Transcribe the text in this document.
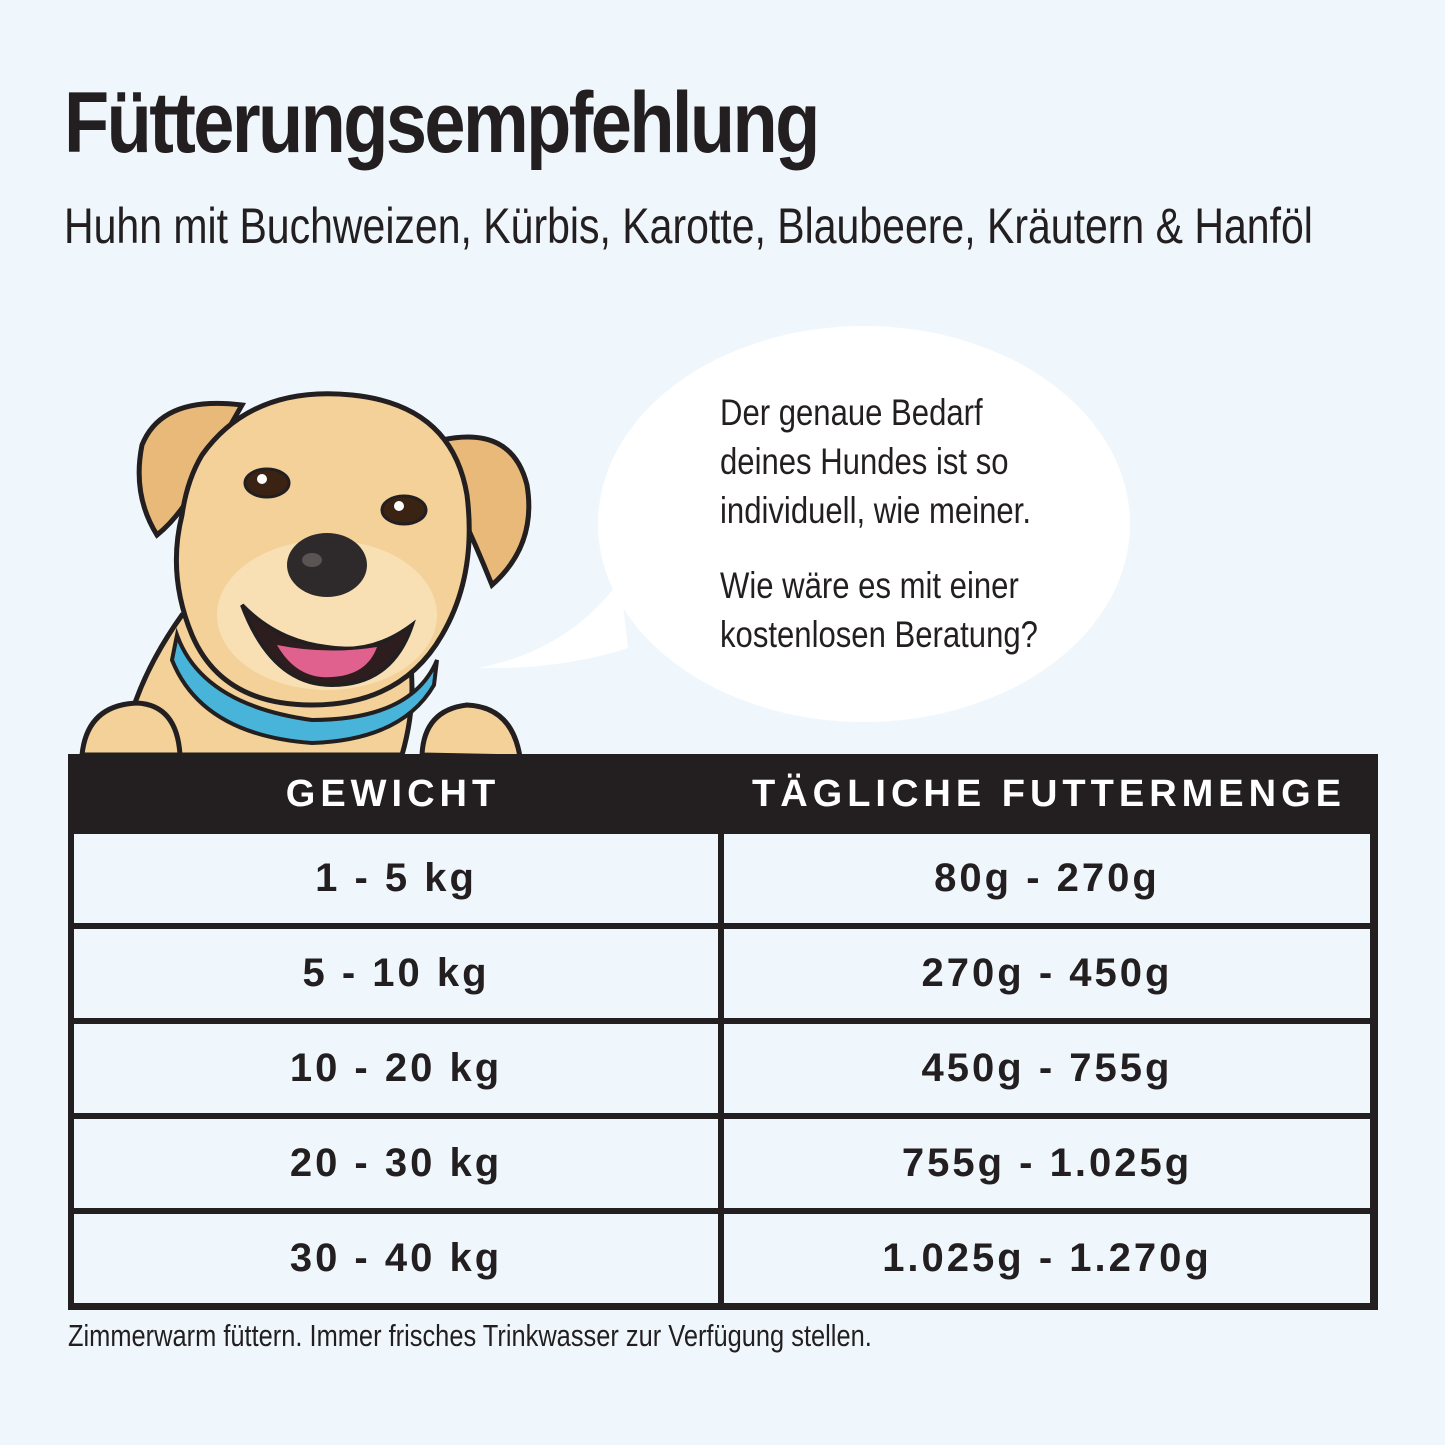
Fütterungsempfehlung
Huhn mit Buchweizen, Kürbis, Karotte, Blaubeere, Kräutern & Hanföl

Der genaue Bedarf
deines Hundes ist so
individuell, wie meiner.

Wie wäre es mit einer
kostenlosen Beratung?

GEWICHT	TÄGLICHE FUTTERMENGE
1 - 5 kg	80g - 270g
5 - 10 kg	270g - 450g
10 - 20 kg	450g - 755g
20 - 30 kg	755g - 1.025g
30 - 40 kg	1.025g - 1.270g
Zimmerwarm füttern. Immer frisches Trinkwasser zur Verfügung stellen.
